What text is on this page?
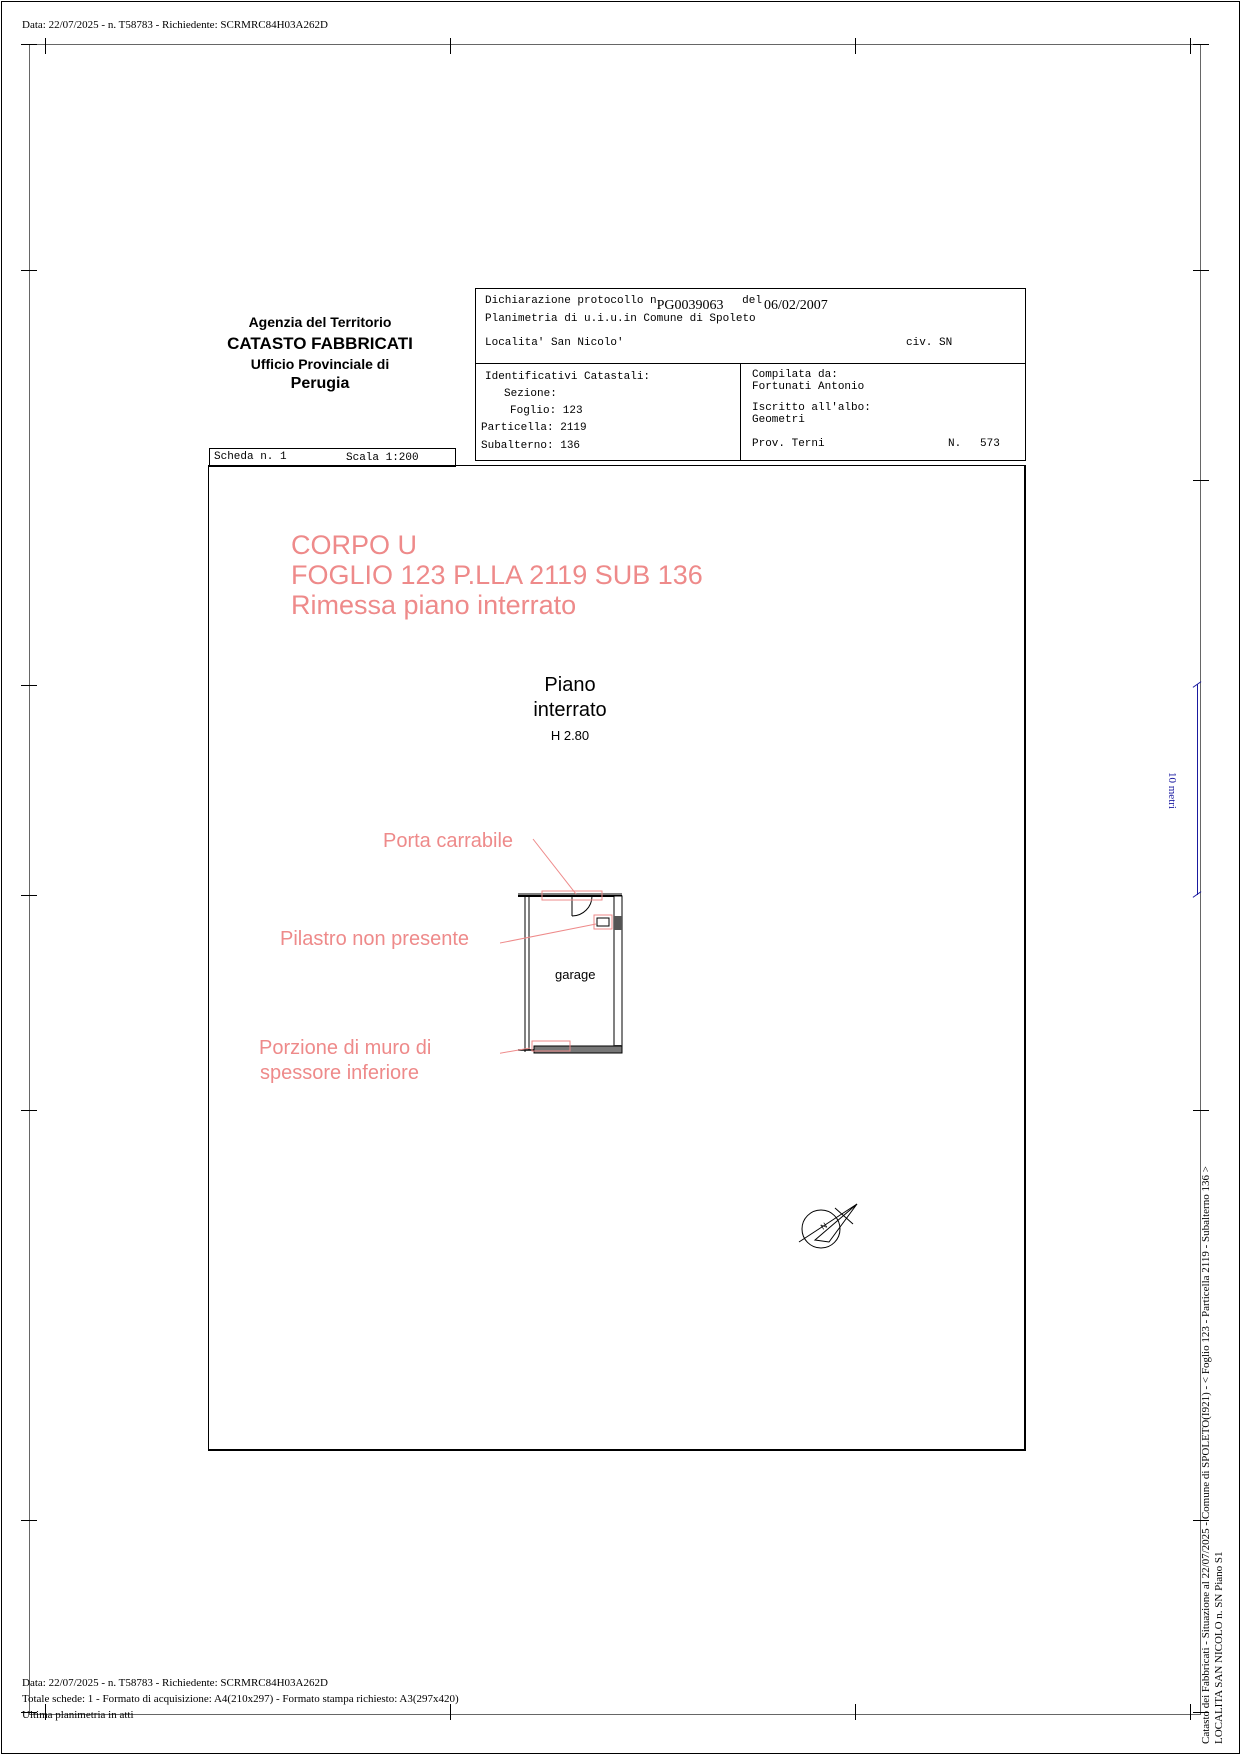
Data: 22/07/2025 - n. T58783 - Richiedente: SCRMRC84H03A262D
Agenzia del Territorio
CATASTO FABBRICATI
Ufficio Provinciale di
Perugia
Dichiarazione protocollo nPG0039063 del 06/02/2007
Planimetria di u.i.u.in Comune di Spoleto
Localita' San Nicolo'	civ. SN
Identificativi Catastali:
Sezione:
Foglio: 123
Particella: 2119
Subalterno: 136
Compilata da:
Fortunati Antonio
Iscritto all'albo:
Geometri
Prov. Terni	N. 573
Scheda n. 1	Scala 1:200
CORPO U
FOGLIO 123 P.LLA 2119 SUB 136
Rimessa piano interrato
Piano
interrato
H 2.80
garage
Porta carrabile
Pilastro non presente
Porzione di muro di
spessore inferiore
N
10 metri
Catasto dei Fabbricati - Situazione al 22/07/2025 - Comune di SPOLETO(I921) - < Foglio 123 - Particella 2119 - Subalterno 136 > LOCALITA SAN NICOLO n. SN Piano S1
Data: 22/07/2025 - n. T58783 - Richiedente: SCRMRC84H03A262D
Totale schede: 1 - Formato di acquisizione: A4(210x297) - Formato stampa richiesto: A3(297x420)
Ultima planimetria in atti
